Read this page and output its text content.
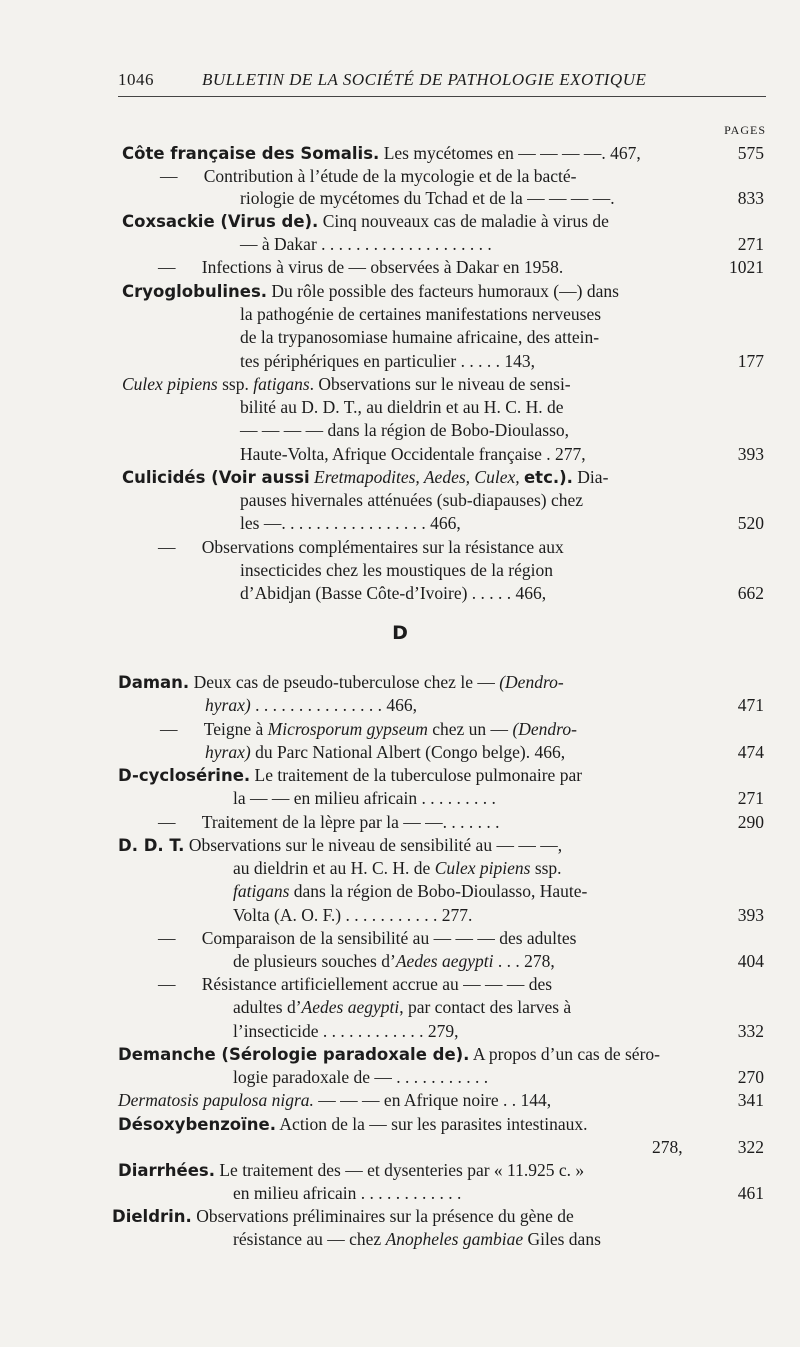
1046	BULLETIN DE LA SOCIÉTÉ DE PATHOLOGIE EXOTIQUE
PAGES
D
Côte française des Somalis. Les mycétomes en — — — —. 467,	575
—      Contribution à l’étude de la mycologie et de la bacté-
riologie de mycétomes du Tchad et de la — — — —.	833
Coxsackie (Virus de). Cinq nouveaux cas de maladie à virus de
— à Dakar . . . . . . . . . . . . . . . . . . . .	271
—      Infections à virus de — observées à Dakar en 1958.	1021
Cryoglobulines. Du rôle possible des facteurs humoraux (—) dans
la pathogénie de certaines manifestations nerveuses
de la trypanosomiase humaine africaine, des attein-
tes périphériques en particulier . . . . . 143,	177
Culex pipiens ssp. fatigans. Observations sur le niveau de sensi-
bilité au D. D. T., au dieldrin et au H. C. H. de
— — — — dans la région de Bobo-Dioulasso,
Haute-Volta, Afrique Occidentale française . 277,	393
Culicidés (Voir aussi Eretmapodites, Aedes, Culex, etc.). Dia-
pauses hivernales atténuées (sub-diapauses) chez
les —. . . . . . . . . . . . . . . . . 466,	520
—      Observations complémentaires sur la résistance aux
insecticides chez les moustiques de la région
d’Abidjan (Basse Côte-d’Ivoire) . . . . . 466,	662
Daman. Deux cas de pseudo-tuberculose chez le — (Dendro-
hyrax) . . . . . . . . . . . . . . . 466,	471
—      Teigne à Microsporum gypseum chez un — (Dendro-
hyrax) du Parc National Albert (Congo belge). 466,	474
D-cyclosérine. Le traitement de la tuberculose pulmonaire par
la — — en milieu africain . . . . . . . . .	271
—      Traitement de la lèpre par la — —. . . . . . .	290
D. D. T. Observations sur le niveau de sensibilité au — — —,
au dieldrin et au H. C. H. de Culex pipiens ssp.
fatigans dans la région de Bobo-Dioulasso, Haute-
Volta (A. O. F.) . . . . . . . . . . . 277.	393
—      Comparaison de la sensibilité au — — — des adultes
de plusieurs souches d’Aedes aegypti . . . 278,	404
—      Résistance artificiellement accrue au — — — des
adultes d’Aedes aegypti, par contact des larves à
l’insecticide . . . . . . . . . . . . 279,	332
Demanche (Sérologie paradoxale de). A propos d’un cas de séro-
logie paradoxale de — . . . . . . . . . . .	270
Dermatosis papulosa nigra. — — — en Afrique noire . . 144,	341
Désoxybenzoïne. Action de la — sur les parasites intestinaux.
278,	322
Diarrhées. Le traitement des — et dysenteries par « 11.925 c. »
en milieu africain . . . . . . . . . . . .	461
Dieldrin. Observations préliminaires sur la présence du gène de
résistance au — chez Anopheles gambiae Giles dans
